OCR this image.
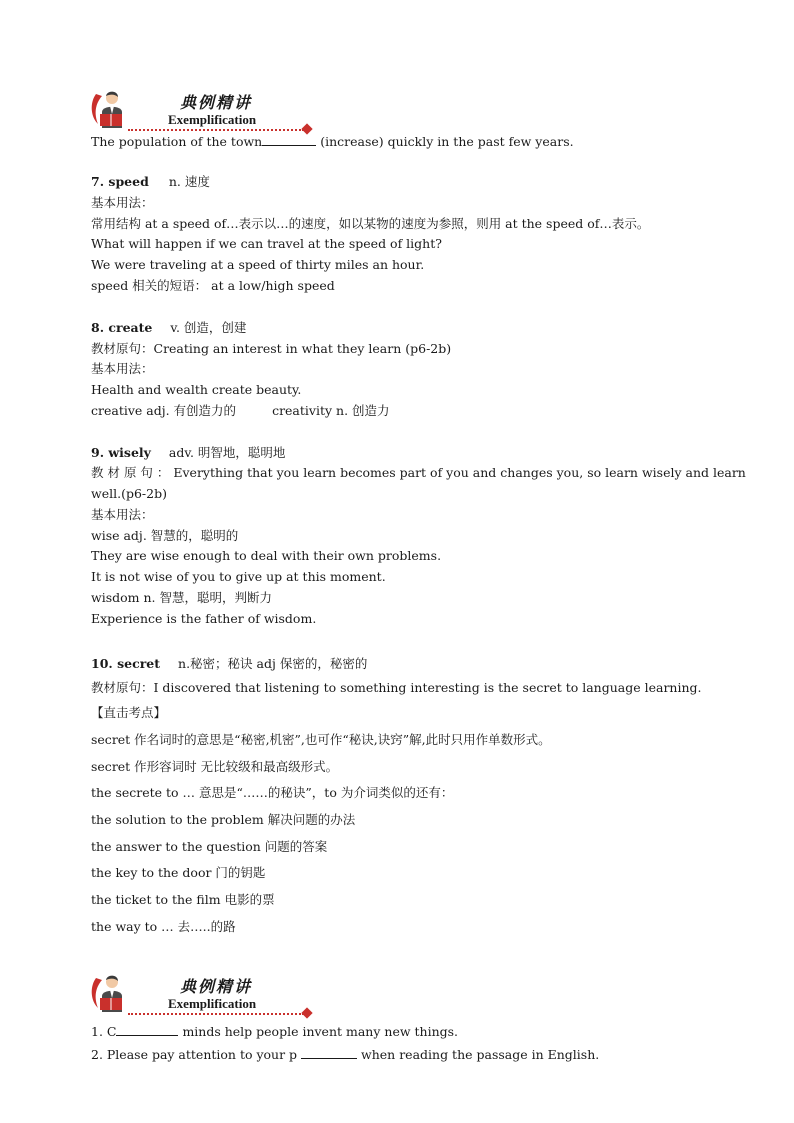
典例精讲
Exemplification
The population of the town	(increase) quickly in the past few years.
7. speed n. 速度
基本用法：
常用结构 at a speed of…表示以…的速度，如以某物的速度为参照，则用 at the speed of…表示。
What will happen if we can travel at the speed of light?
We were traveling at a speed of thirty miles an hour.
speed 相关的短语： at a low/high speed
8. create v. 创造，创建
教材原句：Creating an interest in what they learn (p6-2b)
基本用法：
Health and wealth create beauty.
creative adj. 有创造力的	creativity n. 创造力
9. wisely adv. 明智地，聪明地
教 材 原 句 ： Everything that you learn becomes part of you and changes you, so learn wisely and learn
well.(p6-2b)
基本用法：
wise adj. 智慧的，聪明的
They are wise enough to deal with their own problems.
It is not wise of you to give up at this moment.
wisdom n. 智慧，聪明，判断力
Experience is the father of wisdom.
10. secret n.秘密；秘诀 adj 保密的，秘密的
教材原句：I discovered that listening to something interesting is the secret to language learning.
【直击考点】
secret 作名词时的意思是“秘密,机密”,也可作“秘诀,诀窍”解,此时只用作单数形式。
secret 作形容词时 无比较级和最高级形式。
the secrete to … 意思是“……的秘诀”，to 为介词类似的还有：
the solution to the problem 解决问题的办法
the answer to the question 问题的答案
the key to the door 门的钥匙
the ticket to the film 电影的票
the way to … 去…..的路
典例精讲
Exemplification
1. C	minds help people invent many new things.
2. Please pay attention to your p	when reading the passage in English.
